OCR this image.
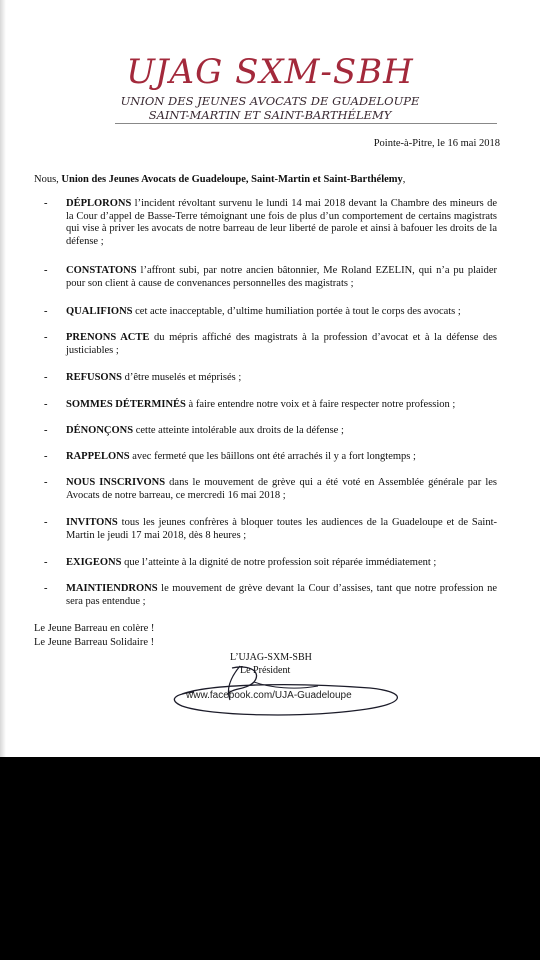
UJAG SXM-SBH
UNION DES JEUNES AVOCATS DE GUADELOUPE
SAINT-MARTIN ET SAINT-BARTHÉLEMY
Pointe-à-Pitre, le 16 mai 2018
Nous, Union des Jeunes Avocats de Guadeloupe, Saint-Martin et Saint-Barthélemy,
- DÉPLORONS l’incident révoltant survenu le lundi 14 mai 2018 devant la Chambre des mineurs de la Cour d’appel de Basse-Terre témoignant une fois de plus d’un comportement de certains magistrats qui vise à priver les avocats de notre barreau de leur liberté de parole et ainsi à bafouer les droits de la défense ;
- CONSTATONS l’affront subi, par notre ancien bâtonnier, Me Roland EZELIN, qui n’a pu plaider pour son client à cause de convenances personnelles des magistrats ;
- QUALIFIONS cet acte inacceptable, d’ultime humiliation portée à tout le corps des avocats ;
- PRENONS ACTE du mépris affiché des magistrats à la profession d’avocat et à la défense des justiciables ;
- REFUSONS d’être muselés et méprisés ;
- SOMMES DÉTERMINÉS à faire entendre notre voix et à faire respecter notre profession ;
- DÉNONÇONS cette atteinte intolérable aux droits de la défense ;
- RAPPELONS avec fermeté que les bâillons ont été arrachés il y a fort longtemps ;
- NOUS INSCRIVONS dans le mouvement de grève qui a été voté en Assemblée générale par les Avocats de notre barreau, ce mercredi 16 mai 2018 ;
- INVITONS tous les jeunes confrères à bloquer toutes les audiences de la Guadeloupe et de Saint-Martin le jeudi 17 mai 2018, dès 8 heures ;
- EXIGEONS que l’atteinte à la dignité de notre profession soit réparée immédiatement ;
- MAINTIENDRONS le mouvement de grève devant la Cour d’assises, tant que notre profession ne sera pas entendue ;
Le Jeune Barreau en colère !
Le Jeune Barreau Solidaire !
L’UJAG-SXM-SBH
Le Président
www.facebook.com/UJA-Guadeloupe
